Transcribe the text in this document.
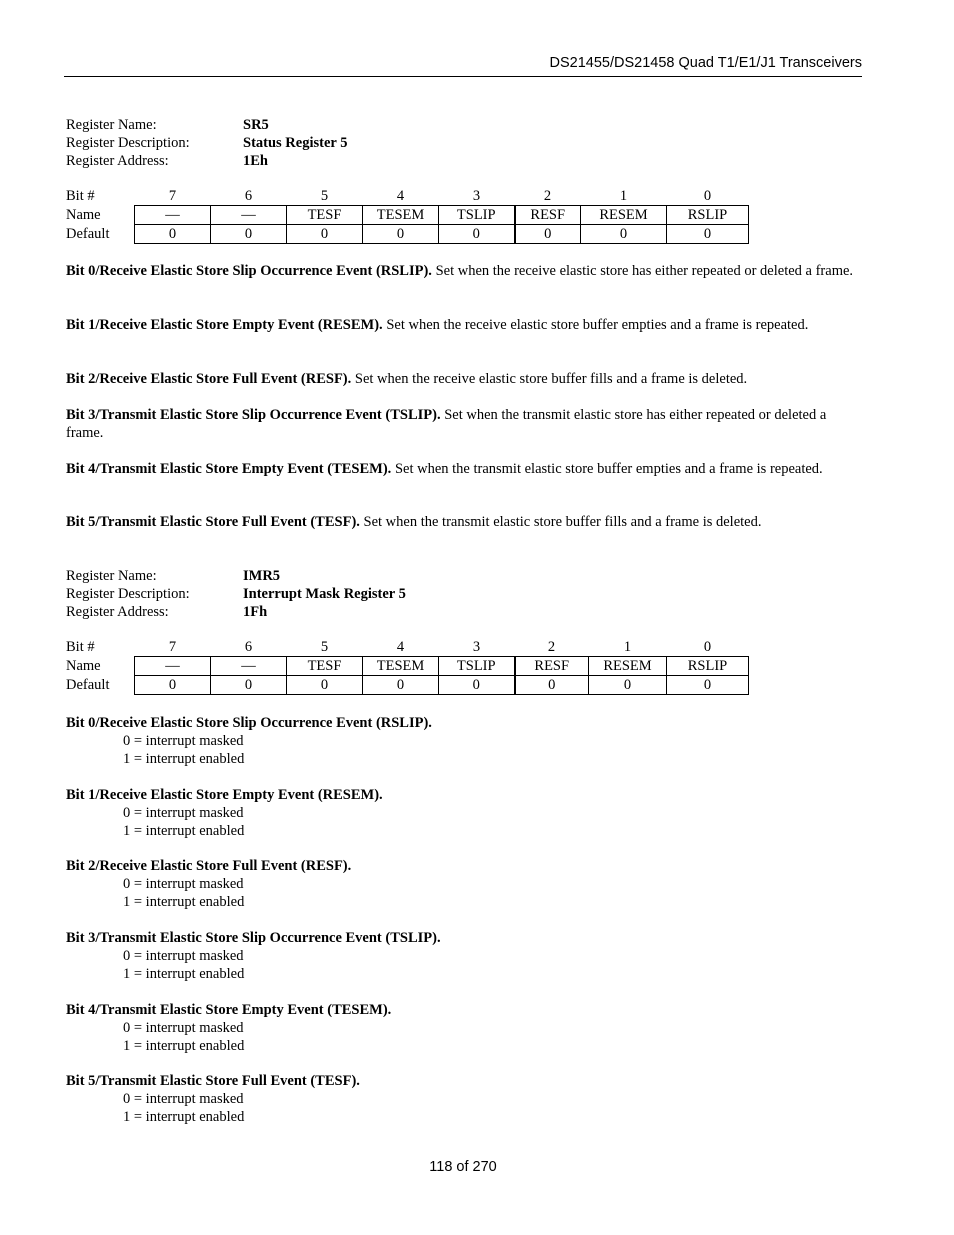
DS21455/DS21458 Quad T1/E1/J1 Transceivers
Register Name:	SR5
Register Description:	Status Register 5
Register Address:	1Eh
Bit #	7	6	5	4	3	2	1	0
Name	—	—	TESF	TESEM	TSLIP	RESF	RESEM	RSLIP
Default	0	0	0	0	0	0	0	0
Bit 0/Receive Elastic Store Slip Occurrence Event (RSLIP). Set when the receive elastic store has either repeated or deleted a frame.
Bit 1/Receive Elastic Store Empty Event (RESEM). Set when the receive elastic store buffer empties and a frame is repeated.
Bit 2/Receive Elastic Store Full Event (RESF). Set when the receive elastic store buffer fills and a frame is deleted.
Bit 3/Transmit Elastic Store Slip Occurrence Event (TSLIP). Set when the transmit elastic store has either repeated or deleted a frame.
Bit 4/Transmit Elastic Store Empty Event (TESEM). Set when the transmit elastic store buffer empties and a frame is repeated.
Bit 5/Transmit Elastic Store Full Event (TESF). Set when the transmit elastic store buffer fills and a frame is deleted.
Register Name:	IMR5
Register Description:	Interrupt Mask Register 5
Register Address:	1Fh
Bit #	7	6	5	4	3	2	1	0
Name	—	—	TESF	TESEM	TSLIP	RESF	RESEM	RSLIP
Default	0	0	0	0	0	0	0	0
Bit 0/Receive Elastic Store Slip Occurrence Event (RSLIP).
0 = interrupt masked
1 = interrupt enabled
Bit 1/Receive Elastic Store Empty Event (RESEM).
0 = interrupt masked
1 = interrupt enabled
Bit 2/Receive Elastic Store Full Event (RESF).
0 = interrupt masked
1 = interrupt enabled
Bit 3/Transmit Elastic Store Slip Occurrence Event (TSLIP).
0 = interrupt masked
1 = interrupt enabled
Bit 4/Transmit Elastic Store Empty Event (TESEM).
0 = interrupt masked
1 = interrupt enabled
Bit 5/Transmit Elastic Store Full Event (TESF).
0 = interrupt masked
1 = interrupt enabled
118 of 270
